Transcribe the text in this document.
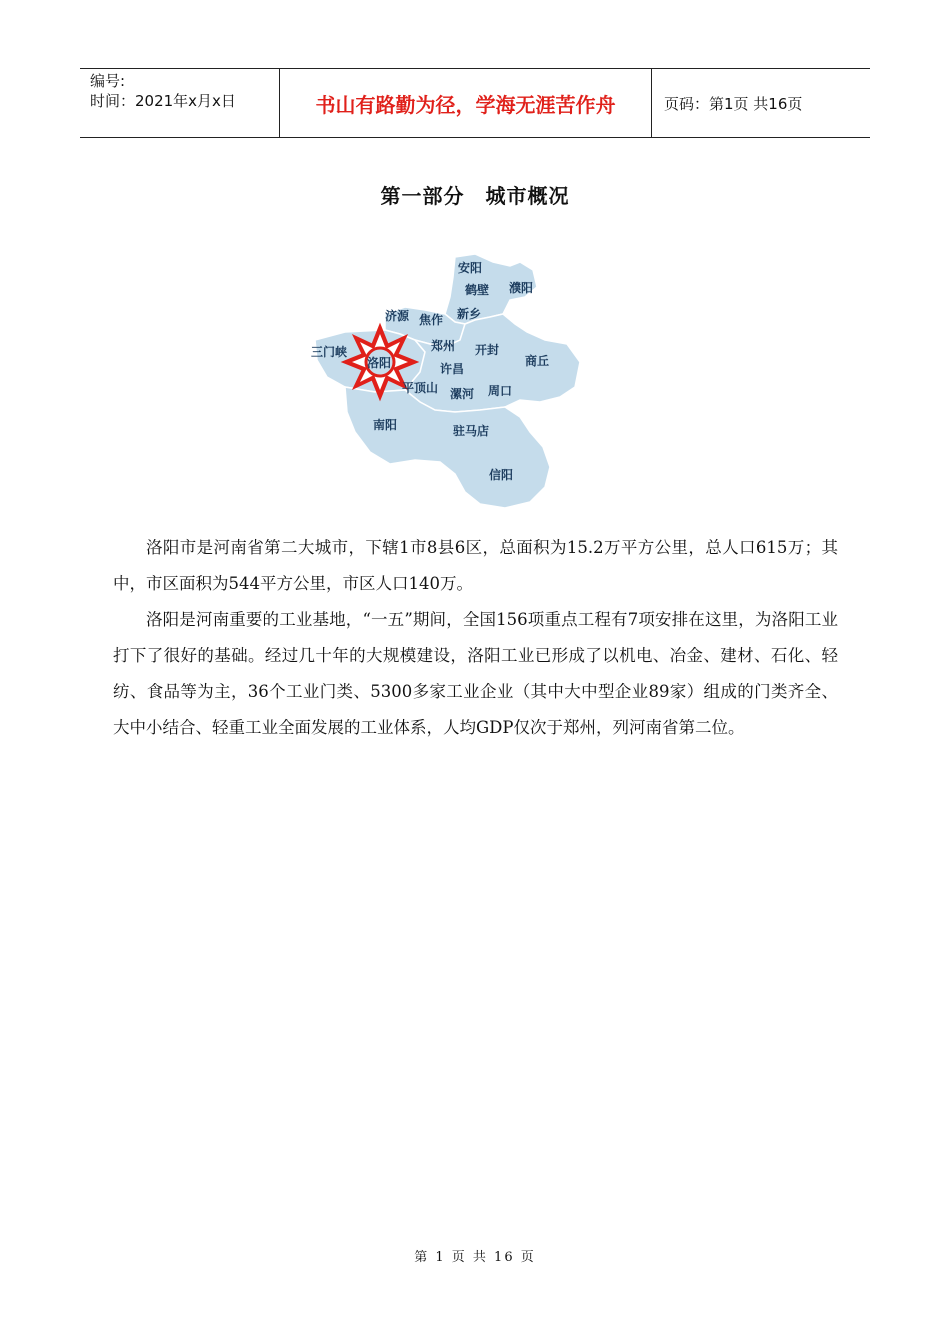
编号:
时间：2021年x月x日	书山有路勤为径，学海无涯苦作舟	页码：第1页 共16页
第一部分　城市概况
安阳
鹤壁 濮阳
济源 焦作 新乡
三门峡
洛阳
郑州 开封
商丘
许昌
平顶山 漯河 周口
南阳	驻马店
信阳

洛阳市是河南省第二大城市，下辖1市8县6区，总面积为15.2万平方公里，总人口615万；其中，市区面积为544平方公里，市区人口140万。

洛阳是河南重要的工业基地，“一五”期间，全国156项重点工程有7项安排在这里，为洛阳工业打下了很好的基础。经过几十年的大规模建设，洛阳工业已形成了以机电、冶金、建材、石化、轻纺、食品等为主，36个工业门类、5300多家工业企业（其中大中型企业89家）组成的门类齐全、大中小结合、轻重工业全面发展的工业体系，人均GDP仅次于郑州，列河南省第二位。

第 1 页 共 16 页
